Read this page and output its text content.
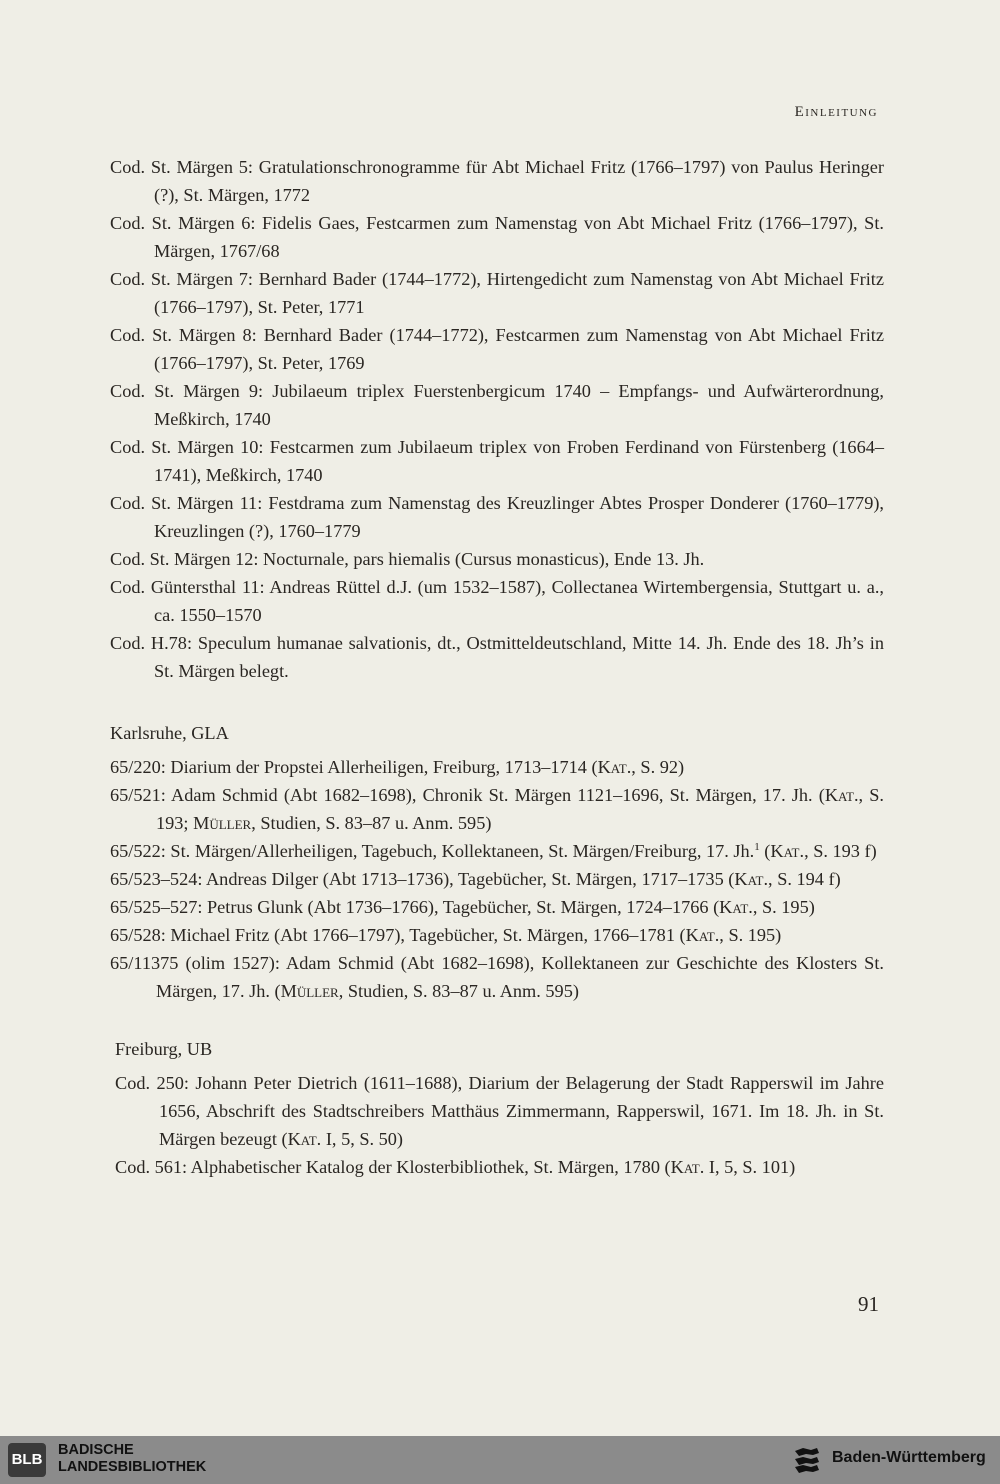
Einleitung

Cod. St. Märgen 5: Gratulationschronogramme für Abt Michael Fritz (1766–1797) von Paulus Heringer (?), St. Märgen, 1772

Cod. St. Märgen 6: Fidelis Gaes, Festcarmen zum Namenstag von Abt Michael Fritz (1766–1797), St. Märgen, 1767/68

Cod. St. Märgen 7: Bernhard Bader (1744–1772), Hirtengedicht zum Namenstag von Abt Michael Fritz (1766–1797), St. Peter, 1771

Cod. St. Märgen 8: Bernhard Bader (1744–1772), Festcarmen zum Namenstag von Abt Michael Fritz (1766–1797), St. Peter, 1769

Cod. St. Märgen 9: Jubilaeum triplex Fuerstenbergicum 1740 – Empfangs- und Aufwärterordnung, Meßkirch, 1740

Cod. St. Märgen 10: Festcarmen zum Jubilaeum triplex von Froben Ferdinand von Fürstenberg (1664–1741), Meßkirch, 1740

Cod. St. Märgen 11: Festdrama zum Namenstag des Kreuzlinger Abtes Prosper Donderer (1760–1779), Kreuzlingen (?), 1760–1779

Cod. St. Märgen 12: Nocturnale, pars hiemalis (Cursus monasticus), Ende 13. Jh.

Cod. Güntersthal 11: Andreas Rüttel d.J. (um 1532–1587), Collectanea Wirtembergensia, Stuttgart u. a., ca. 1550–1570

Cod. H.78: Speculum humanae salvationis, dt., Ostmitteldeutschland, Mitte 14. Jh. Ende des 18. Jh’s in St. Märgen belegt.

Karlsruhe, GLA

65/220: Diarium der Propstei Allerheiligen, Freiburg, 1713–1714 (Kat., S. 92)

65/521: Adam Schmid (Abt 1682–1698), Chronik St. Märgen 1121–1696, St. Märgen, 17. Jh. (Kat., S. 193; Müller, Studien, S. 83–87 u. Anm. 595)

65/522: St. Märgen/Allerheiligen, Tagebuch, Kollektaneen, St. Märgen/Freiburg, 17. Jh.$^1$ (Kat., S. 193 f)

65/523–524: Andreas Dilger (Abt 1713–1736), Tagebücher, St. Märgen, 1717–1735 (Kat., S. 194 f)

65/525–527: Petrus Glunk (Abt 1736–1766), Tagebücher, St. Märgen, 1724–1766 (Kat., S. 195)

65/528: Michael Fritz (Abt 1766–1797), Tagebücher, St. Märgen, 1766–1781 (Kat., S. 195)

65/11375 (olim 1527): Adam Schmid (Abt 1682–1698), Kollektaneen zur Geschichte des Klosters St. Märgen, 17. Jh. (Müller, Studien, S. 83–87 u. Anm. 595)

Freiburg, UB

Cod. 250: Johann Peter Dietrich (1611–1688), Diarium der Belagerung der Stadt Rapperswil im Jahre 1656, Abschrift des Stadtschreibers Matthäus Zimmermann, Rapperswil, 1671. Im 18. Jh. in St. Märgen bezeugt (Kat. I, 5, S. 50)

Cod. 561: Alphabetischer Katalog der Klosterbibliothek, St. Märgen, 1780 (Kat. I, 5, S. 101)

91
BLB
BADISCHE
LANDESBIBLIOTHEK
Baden-Württemberg
